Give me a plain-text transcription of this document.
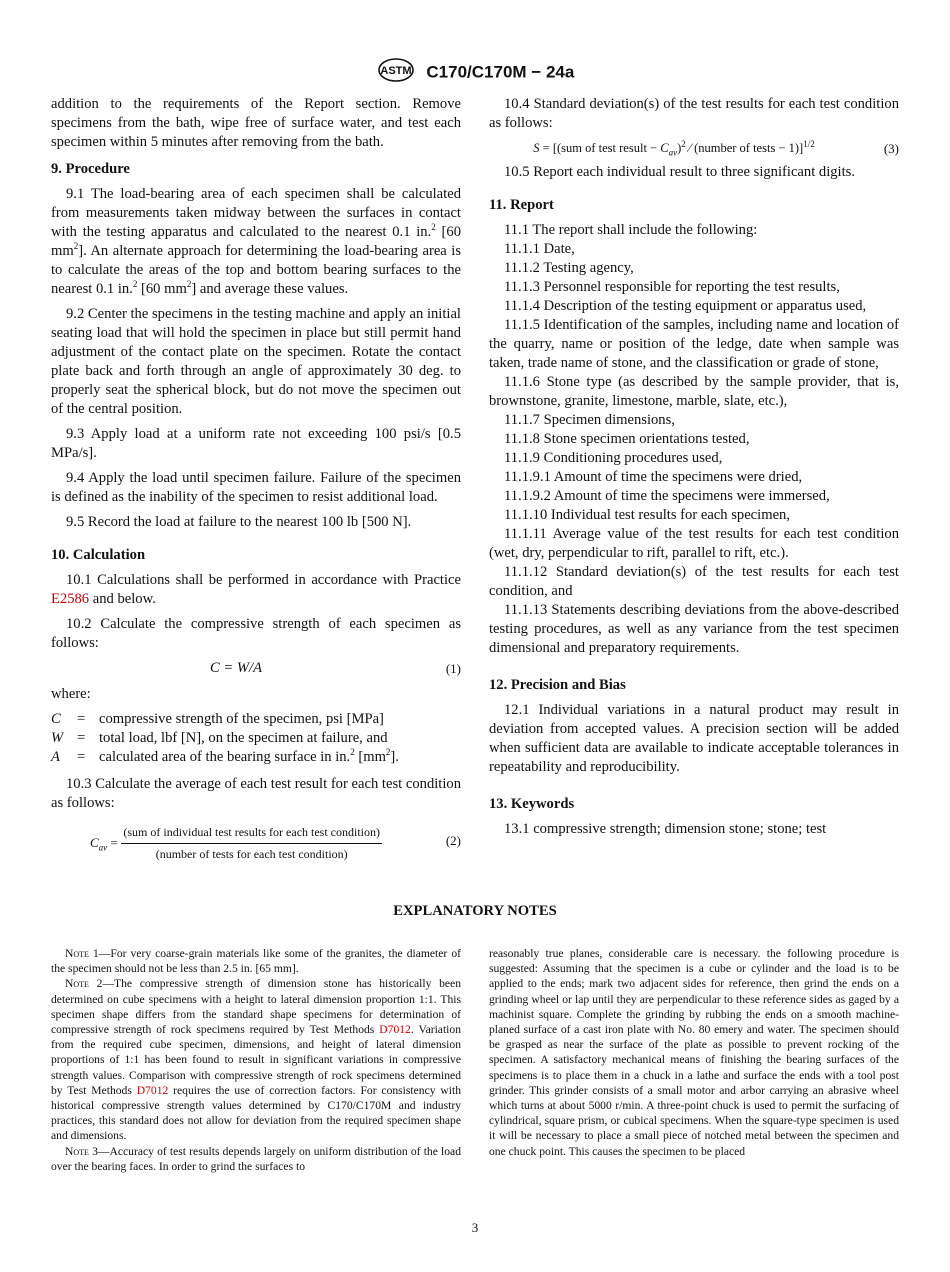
ASTM C170/C170M − 24a

addition to the requirements of the Report section. Remove specimens from the bath, wipe free of surface water, and test each specimen within 5 minutes after removing from the bath.

9. Procedure

9.1 The load-bearing area of each specimen shall be calculated from measurements taken midway between the surfaces in contact with the testing apparatus and calculated to the nearest 0.1 in.$^2$ [60 $mm^2$]. An alternate approach for determining the load-bearing area is to calculate the areas of the top and bottom bearing surfaces to the nearest 0.1 in.$^2$ [60 $mm^2$] and average these values.

9.2 Center the specimens in the testing machine and apply an initial seating load that will hold the specimen in place but still permit hand adjustment of the contact plate on the specimen. Rotate the contact plate back and forth through an angle of approximately 30 deg. to properly seat the spherical block, but do not move the specimen out of the central position.

9.3 Apply load at a uniform rate not exceeding 100 psi/s [0.5 MPa/s].

9.4 Apply the load until specimen failure. Failure of the specimen is defined as the inability of the specimen to resist additional load.

9.5 Record the load at failure to the nearest 100 lb [500 N].

10. Calculation

10.1 Calculations shall be performed in accordance with Practice E2586 and below.

10.2 Calculate the compressive strength of each specimen as follows:

C = W/A	(1)

where:

C	= compressive strength of the specimen, psi [MPa]
W = total load, lbf [N], on the specimen at failure, and
A	= calculated area of the bearing surface in in.$^2$ $[mm^2]$.

10.3 Calculate the average of each test result for each test condition as follows:

$C_{av} = \frac{\text{(sum of individual test results for each test condition)}}{\text{(number of tests for each test condition)}}$	(2)

10.4 Standard deviation(s) of the test results for each test condition as follows:

S = [(sum of test result − $C_{av})^2$ ⁄ (number of tests − 1)]$^{1/2}$	(3)

10.5 Report each individual result to three significant digits.

11. Report

11.1 The report shall include the following:

11.1.1 Date,

11.1.2 Testing agency,

11.1.3 Personnel responsible for reporting the test results,

11.1.4 Description of the testing equipment or apparatus used,

11.1.5 Identification of the samples, including name and location of the quarry, name or position of the ledge, date when sample was taken, trade name of stone, and the classification or grade of stone,

11.1.6 Stone type (as described by the sample provider, that is, brownstone, granite, limestone, marble, slate, etc.),

11.1.7 Specimen dimensions,

11.1.8 Stone specimen orientations tested,

11.1.9 Conditioning procedures used,

11.1.9.1 Amount of time the specimens were dried,

11.1.9.2 Amount of time the specimens were immersed,

11.1.10 Individual test results for each specimen,

11.1.11 Average value of the test results for each test condition (wet, dry, perpendicular to rift, parallel to rift, etc.).

11.1.12 Standard deviation(s) of the test results for each test condition, and

11.1.13 Statements describing deviations from the above-described testing procedures, as well as any variance from the test specimen dimensional and preparatory requirements.

12. Precision and Bias

12.1 Individual variations in a natural product may result in deviation from accepted values. A precision section will be added when sufficient data are available to indicate acceptable tolerances in repeatability and reproducibility.

13. Keywords

13.1 compressive strength; dimension stone; stone; test

EXPLANATORY NOTES

Note 1—For very coarse-grain materials like some of the granites, the diameter of the specimen should not be less than 2.5 in. [65 mm].

Note 2—The compressive strength of dimension stone has historically been determined on cube specimens with a height to lateral dimension proportion 1:1. This specimen shape differs from the standard shape specimens for determination of compressive strength of rock specimens required by Test Methods D7012. Variation from the required cube specimen, dimensions, and height of lateral dimension proportions of 1:1 has been found to result in significant variations in compressive strength values. Comparison with compressive strength of rock specimens determined by Test Methods D7012 requires the use of correction factors. For consistency with historical compressive strength values determined by C170/C170M and industry practices, this standard does not allow for deviation from the required specimen shape and dimensions.

Note 3—Accuracy of test results depends largely on uniform distribution of the load over the bearing faces. In order to grind the surfaces to

reasonably true planes, considerable care is necessary. the following procedure is suggested: Assuming that the specimen is a cube or cylinder and the load is to be applied to the ends; mark two adjacent sides for reference, then grind the ends on a grinding wheel or lap until they are perpendicular to these reference sides as gaged by a machinist square. Complete the grinding by rubbing the ends on a smooth machine-planed surface of a cast iron plate with No. 80 emery and water. The specimen should be grasped as near the surface of the plate as possible to prevent rocking of the specimen. A satisfactory mechanical means of finishing the bearing surfaces of the specimens is to place them in a chuck in a lathe and surface the ends with a tool post grinder. This grinder consists of a small motor and arbor carrying an abrasive wheel which turns at about 5000 r/min. A three-point chuck is used to permit the surfacing of cylindrical, square prism, or cubical specimens. When the square-type specimen is used it will be necessary to place a small piece of notched metal between the specimen and one chuck point. This causes the specimen to be placed

3
